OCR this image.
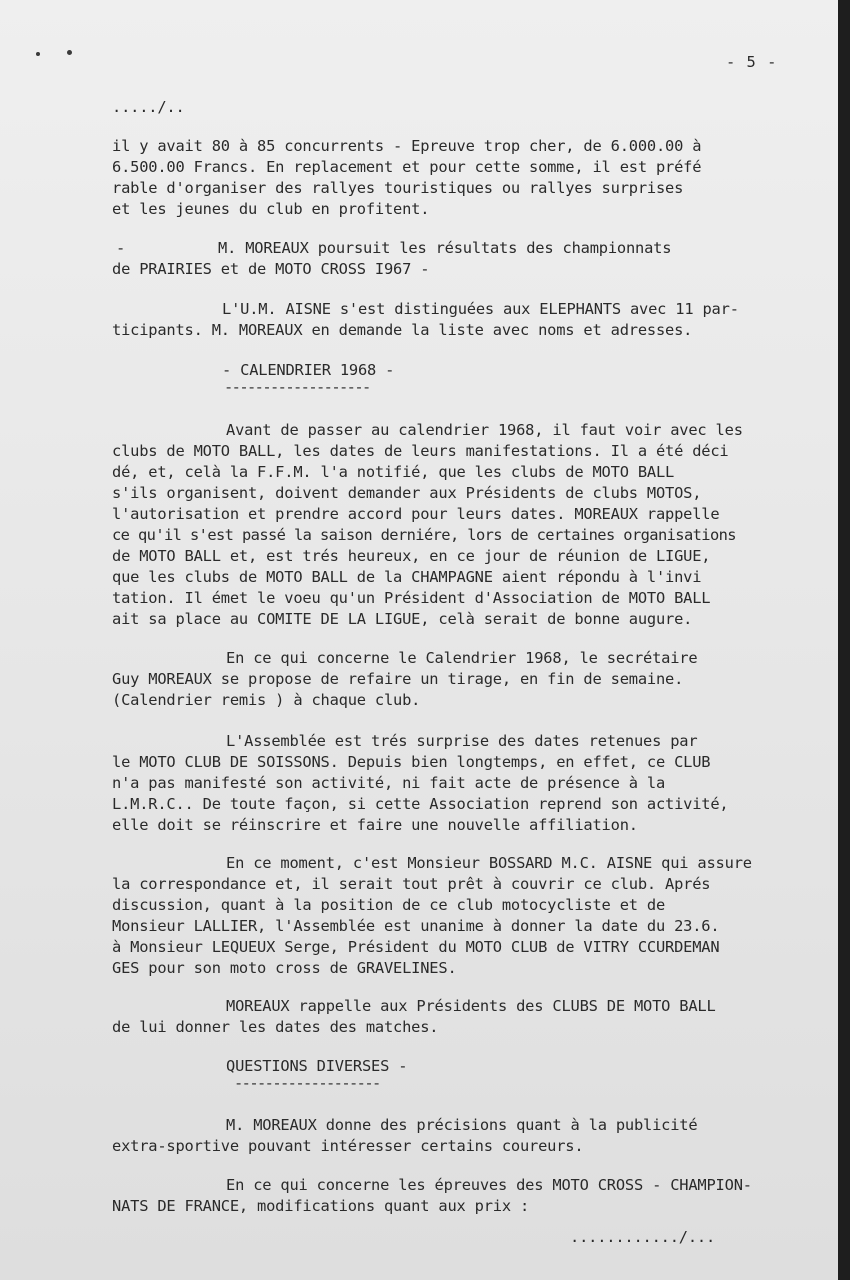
- 5 -
...../..
il y avait 80 à 85 concurrents - Epreuve trop cher, de 6.000.00 à
6.500.00 Francs. En replacement et pour cette somme, il est préfé
rable d'organiser des rallyes touristiques ou rallyes surprises
et les jeunes du club en profitent.
-	M. MOREAUX poursuit les résultats des championnats
de PRAIRIES et de MOTO CROSS I967 -
L'U.M. AISNE s'est distinguées aux ELEPHANTS avec 11 par-
ticipants. M. MOREAUX en demande la liste avec noms et adresses.
- CALENDRIER 1968 -
-------------------
Avant de passer au calendrier 1968, il faut voir avec les
clubs de MOTO BALL, les dates de leurs manifestations. Il a été déci
dé, et, celà la F.F.M. l'a notifié, que les clubs de MOTO BALL
s'ils organisent, doivent demander aux Présidents de clubs MOTOS,
l'autorisation et prendre accord pour leurs dates. MOREAUX rappelle
ce qu'il s'est passé la saison derniére, lors de certaines organisations
de MOTO BALL et, est trés heureux, en ce jour de réunion de LIGUE,
que les clubs de MOTO BALL de la CHAMPAGNE aient répondu à l'invi
tation. Il émet le voeu qu'un Président d'Association de MOTO BALL
ait sa place au COMITE DE LA LIGUE, celà serait de bonne augure.
En ce qui concerne le Calendrier 1968, le secrétaire
Guy MOREAUX se propose de refaire un tirage, en fin de semaine.
(Calendrier remis ) à chaque club.
L'Assemblée est trés surprise des dates retenues par
le MOTO CLUB DE SOISSONS. Depuis bien longtemps, en effet, ce CLUB
n'a pas manifesté son activité, ni fait acte de présence à la
L.M.R.C.. De toute façon, si cette Association reprend son activité,
elle doit se réinscrire et faire une nouvelle affiliation.
En ce moment, c'est Monsieur BOSSARD M.C. AISNE qui assure
la correspondance et, il serait tout prêt à couvrir ce club. Aprés
discussion, quant à la position de ce club motocycliste et de
Monsieur LALLIER, l'Assemblée est unanime à donner la date du 23.6.
à Monsieur LEQUEUX Serge, Président du MOTO CLUB de VITRY CCURDEMAN
GES pour son moto cross de GRAVELINES.
MOREAUX rappelle aux Présidents des CLUBS DE MOTO BALL
de lui donner les dates des matches.
QUESTIONS DIVERSES -
-------------------
M. MOREAUX donne des précisions quant à la publicité
extra-sportive pouvant intéresser certains coureurs.
En ce qui concerne les épreuves des MOTO CROSS - CHAMPION-
NATS DE FRANCE, modifications quant aux prix :
............/...
